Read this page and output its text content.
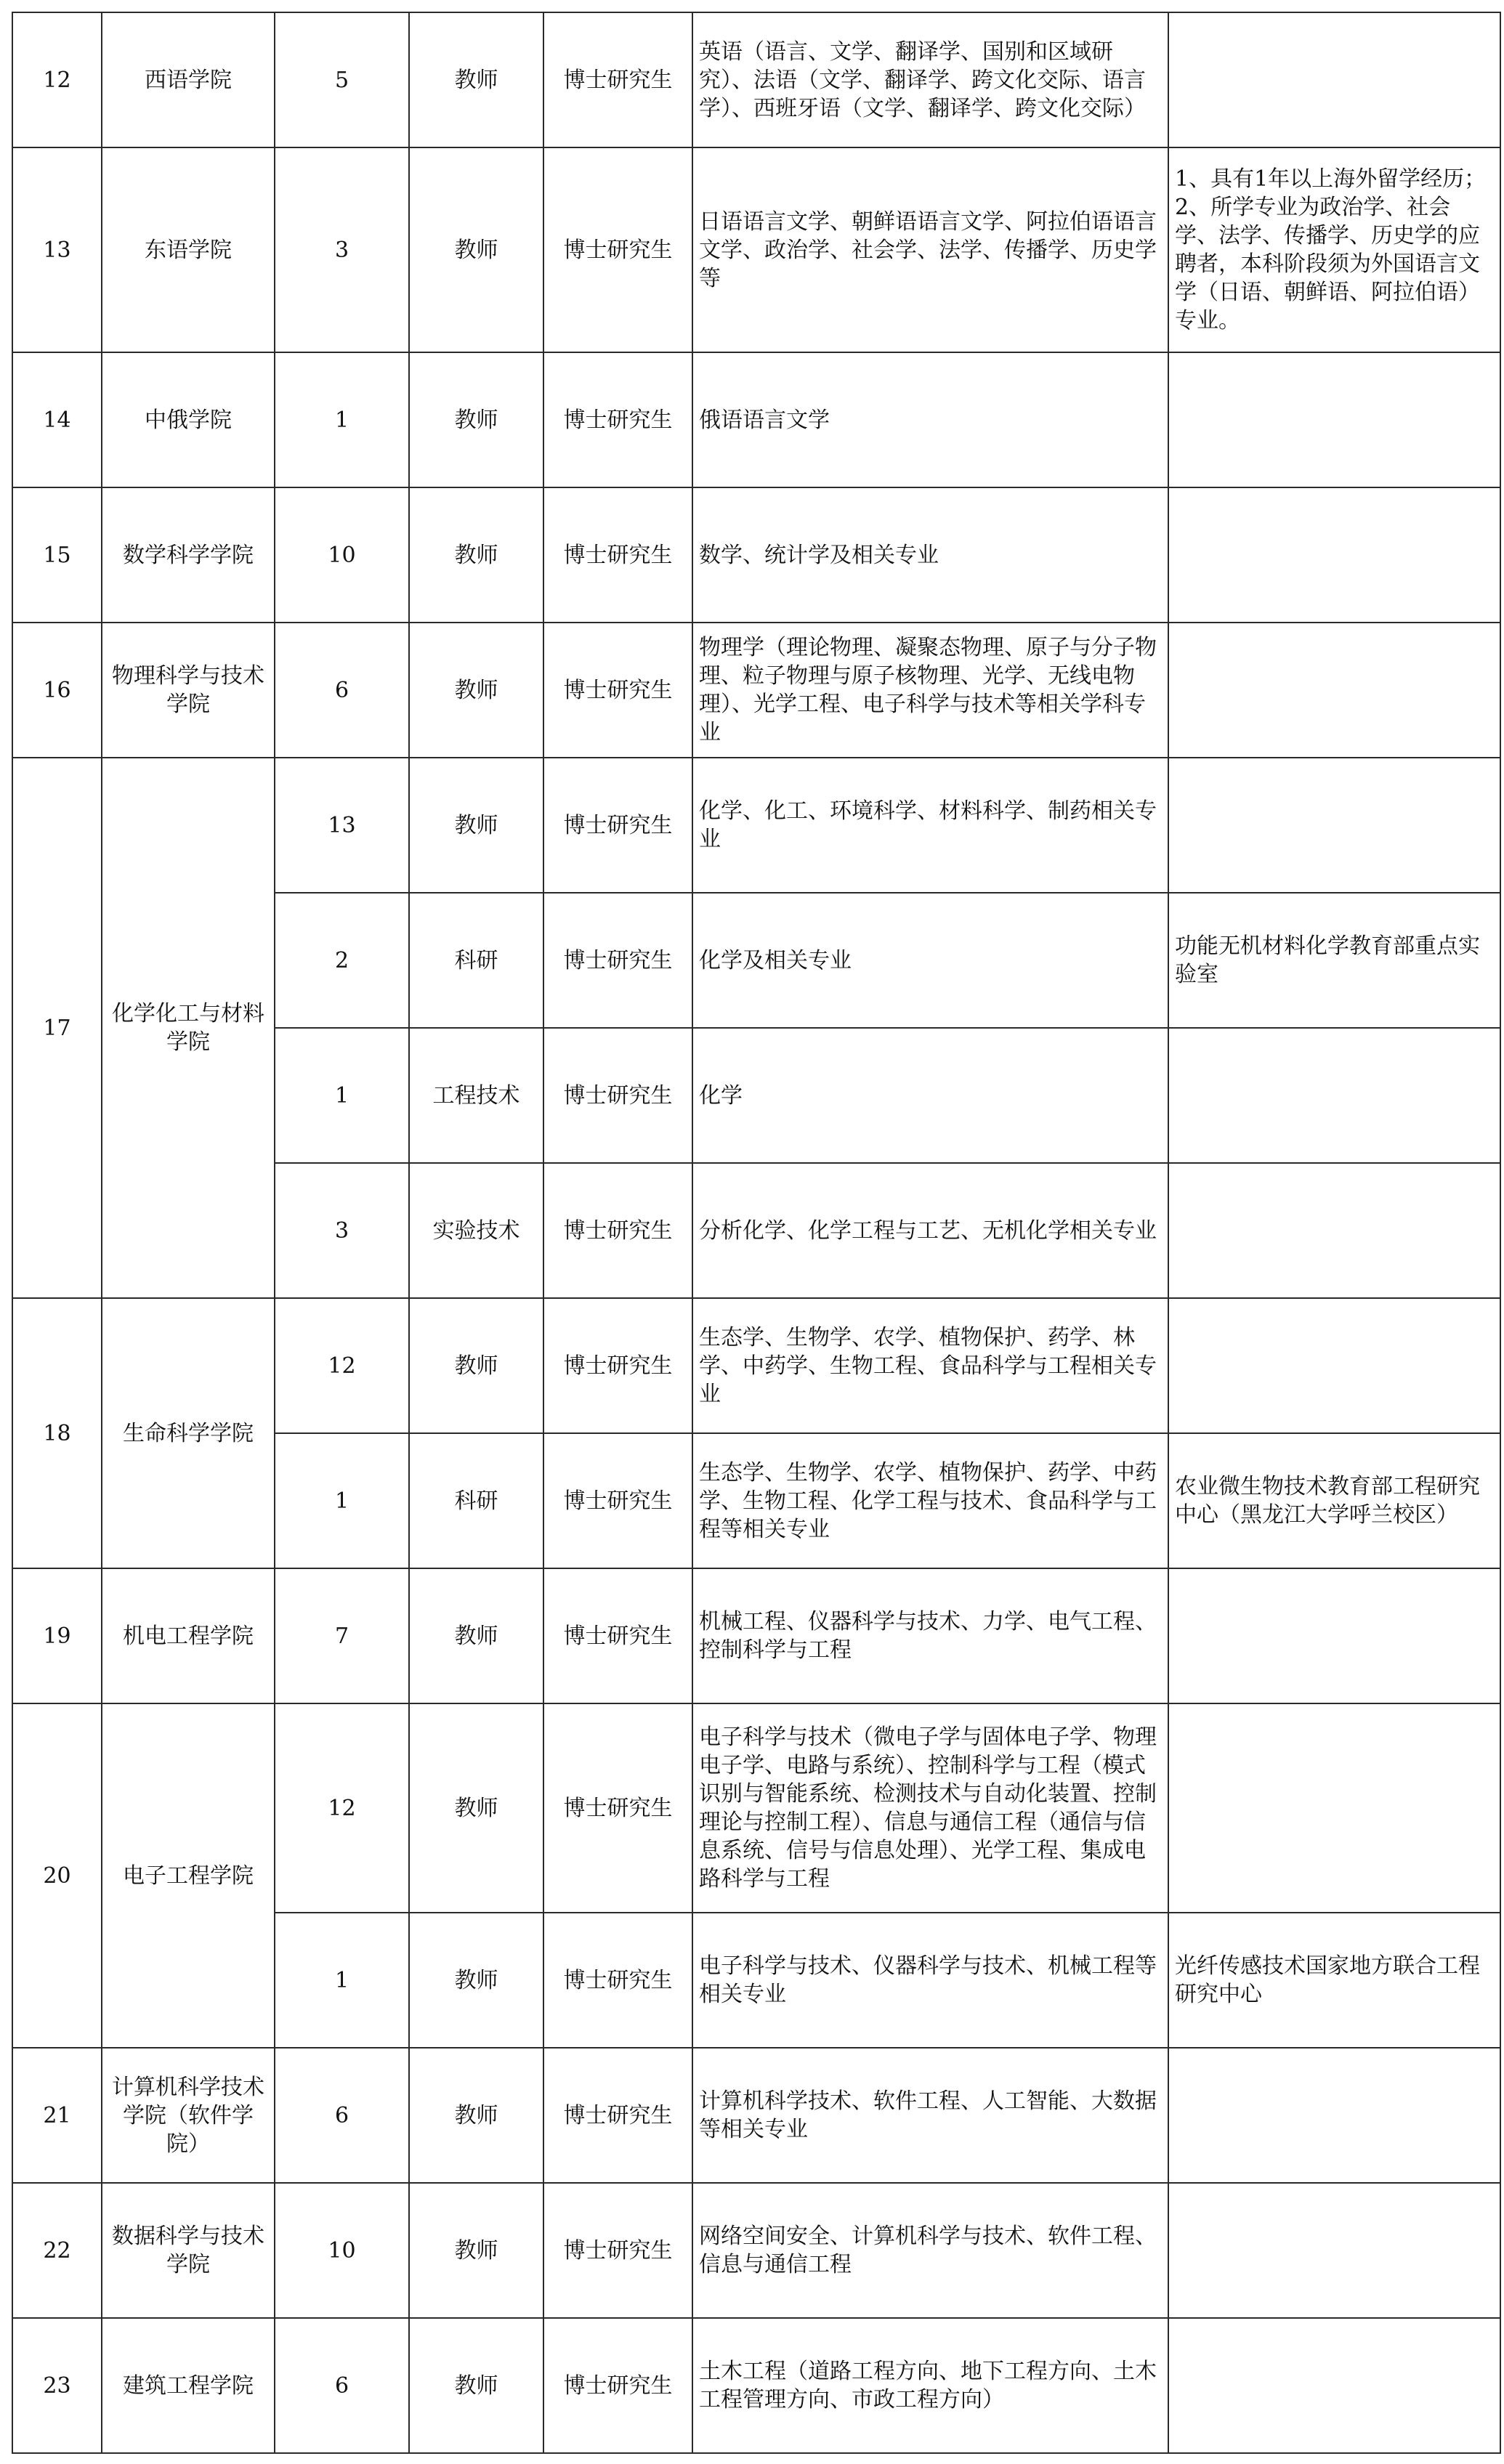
12	西语学院	5	教师	博士研究生	英语（语言、文学、翻译学、国别和区域研究）、法语（文学、翻译学、跨文化交际、语言学）、西班牙语（文学、翻译学、跨文化交际）	
13	东语学院	3	教师	博士研究生	日语语言文学、朝鲜语语言文学、阿拉伯语语言文学、政治学、社会学、法学、传播学、历史学等	1、具有1年以上海外留学经历；2、所学专业为政治学、社会学、法学、传播学、历史学的应聘者，本科阶段须为外国语言文学（日语、朝鲜语、阿拉伯语）专业。
14	中俄学院	1	教师	博士研究生	俄语语言文学	
15	数学科学学院	10	教师	博士研究生	数学、统计学及相关专业	
16	物理科学与技术学院	6	教师	博士研究生	物理学（理论物理、凝聚态物理、原子与分子物理、粒子物理与原子核物理、光学、无线电物理）、光学工程、电子科学与技术等相关学科专业	
17	化学化工与材料学院	13	教师	博士研究生	化学、化工、环境科学、材料科学、制药相关专业	
		2	科研	博士研究生	化学及相关专业	功能无机材料化学教育部重点实验室
		1	工程技术	博士研究生	化学	
		3	实验技术	博士研究生	分析化学、化学工程与工艺、无机化学相关专业	
18	生命科学学院	12	教师	博士研究生	生态学、生物学、农学、植物保护、药学、林学、中药学、生物工程、食品科学与工程相关专业	
		1	科研	博士研究生	生态学、生物学、农学、植物保护、药学、中药学、生物工程、化学工程与技术、食品科学与工程等相关专业	农业微生物技术教育部工程研究中心（黑龙江大学呼兰校区）
19	机电工程学院	7	教师	博士研究生	机械工程、仪器科学与技术、力学、电气工程、控制科学与工程	
20	电子工程学院	12	教师	博士研究生	电子科学与技术（微电子学与固体电子学、物理电子学、电路与系统）、控制科学与工程（模式识别与智能系统、检测技术与自动化装置、控制理论与控制工程）、信息与通信工程（通信与信息系统、信号与信息处理）、光学工程、集成电路科学与工程	
		1	教师	博士研究生	电子科学与技术、仪器科学与技术、机械工程等相关专业	光纤传感技术国家地方联合工程研究中心
21	计算机科学技术学院（软件学院）	6	教师	博士研究生	计算机科学技术、软件工程、人工智能、大数据等相关专业	
22	数据科学与技术学院	10	教师	博士研究生	网络空间安全、计算机科学与技术、软件工程、信息与通信工程	
23	建筑工程学院	6	教师	博士研究生	土木工程（道路工程方向、地下工程方向、土木工程管理方向、市政工程方向）	
